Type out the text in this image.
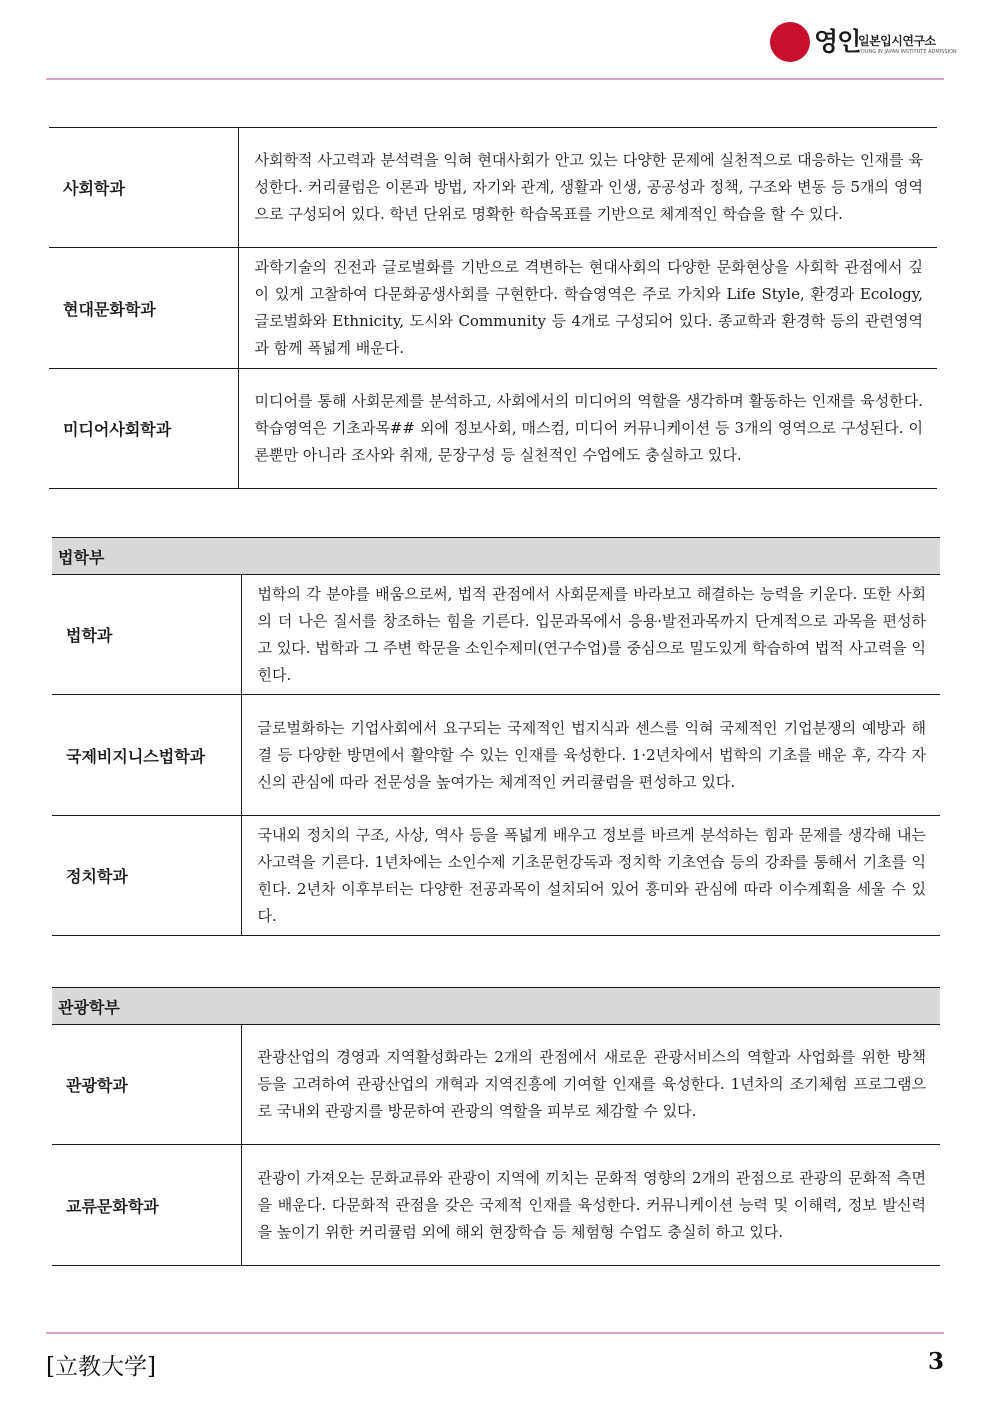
영인
일본입시연구소
YOUNG IN JAPAN INSTITUTE ADMISSION
사회학과	사회학적 사고력과 분석력을 익혀 현대사회가 안고 있는 다양한 문제에 실천적으로 대응하는 인재를 육성한다. 커리큘럼은 이론과 방법, 자기와 관계, 생활과 인생, 공공성과 정책, 구조와 변동 등 5개의 영역으로 구성되어 있다. 학년 단위로 명확한 학습목표를 기반으로 체계적인 학습을 할 수 있다.
현대문화학과	과학기술의 진전과 글로벌화를 기반으로 격변하는 현대사회의 다양한 문화현상을 사회학 관점에서 깊이 있게 고찰하여 다문화공생사회를 구현한다. 학습영역은 주로 가치와 Life Style, 환경과 Ecology, 글로벌화와 Ethnicity, 도시와 Community 등 4개로 구성되어 있다. 종교학과 환경학 등의 관련영역과 함께 폭넓게 배운다.
미디어사회학과	미디어를 통해 사회문제를 분석하고, 사회에서의 미디어의 역할을 생각하며 활동하는 인재를 육성한다. 학습영역은 기초과목## 외에 정보사회, 매스컴, 미디어 커뮤니케이션 등 3개의 영역으로 구성된다. 이론뿐만 아니라 조사와 취재, 문장구성 등 실천적인 수업에도 충실하고 있다.
법학부	
법학과	법학의 각 분야를 배움으로써, 법적 관점에서 사회문제를 바라보고 해결하는 능력을 키운다. 또한 사회의 더 나은 질서를 창조하는 힘을 기른다. 입문과목에서 응용·발전과목까지 단계적으로 과목을 편성하고 있다. 법학과 그 주변 학문을 소인수제미(연구수업)를 중심으로 밀도있게 학습하여 법적 사고력을 익힌다.
국제비지니스법학과	글로벌화하는 기업사회에서 요구되는 국제적인 법지식과 센스를 익혀 국제적인 기업분쟁의 예방과 해결 등 다양한 방면에서 활약할 수 있는 인재를 육성한다. 1·2년차에서 법학의 기초를 배운 후, 각각 자신의 관심에 따라 전문성을 높여가는 체계적인 커리큘럼을 편성하고 있다.
정치학과	국내외 정치의 구조, 사상, 역사 등을 폭넓게 배우고 정보를 바르게 분석하는 힘과 문제를 생각해 내는 사고력을 기른다. 1년차에는 소인수제 기초문헌강독과 정치학 기초연습 등의 강좌를 통해서 기초를 익힌다. 2년차 이후부터는 다양한 전공과목이 설치되어 있어 흥미와 관심에 따라 이수계획을 세울 수 있다.
관광학부	
관광학과	관광산업의 경영과 지역활성화라는 2개의 관점에서 새로운 관광서비스의 역할과 사업화를 위한 방책 등을 고려하여 관광산업의 개혁과 지역진흥에 기여할 인재를 육성한다. 1년차의 조기체험 프로그램으로 국내외 관광지를 방문하여 관광의 역할을 피부로 체감할 수 있다.
교류문화학과	관광이 가져오는 문화교류와 관광이 지역에 끼치는 문화적 영향의 2개의 관점으로 관광의 문화적 측면을 배운다. 다문화적 관점을 갖은 국제적 인재를 육성한다. 커뮤니케이션 능력 및 이해력, 정보 발신력을 높이기 위한 커리큘럼 외에 해외 현장학습 등 체험형 수업도 충실히 하고 있다.
[立教大学]	3
